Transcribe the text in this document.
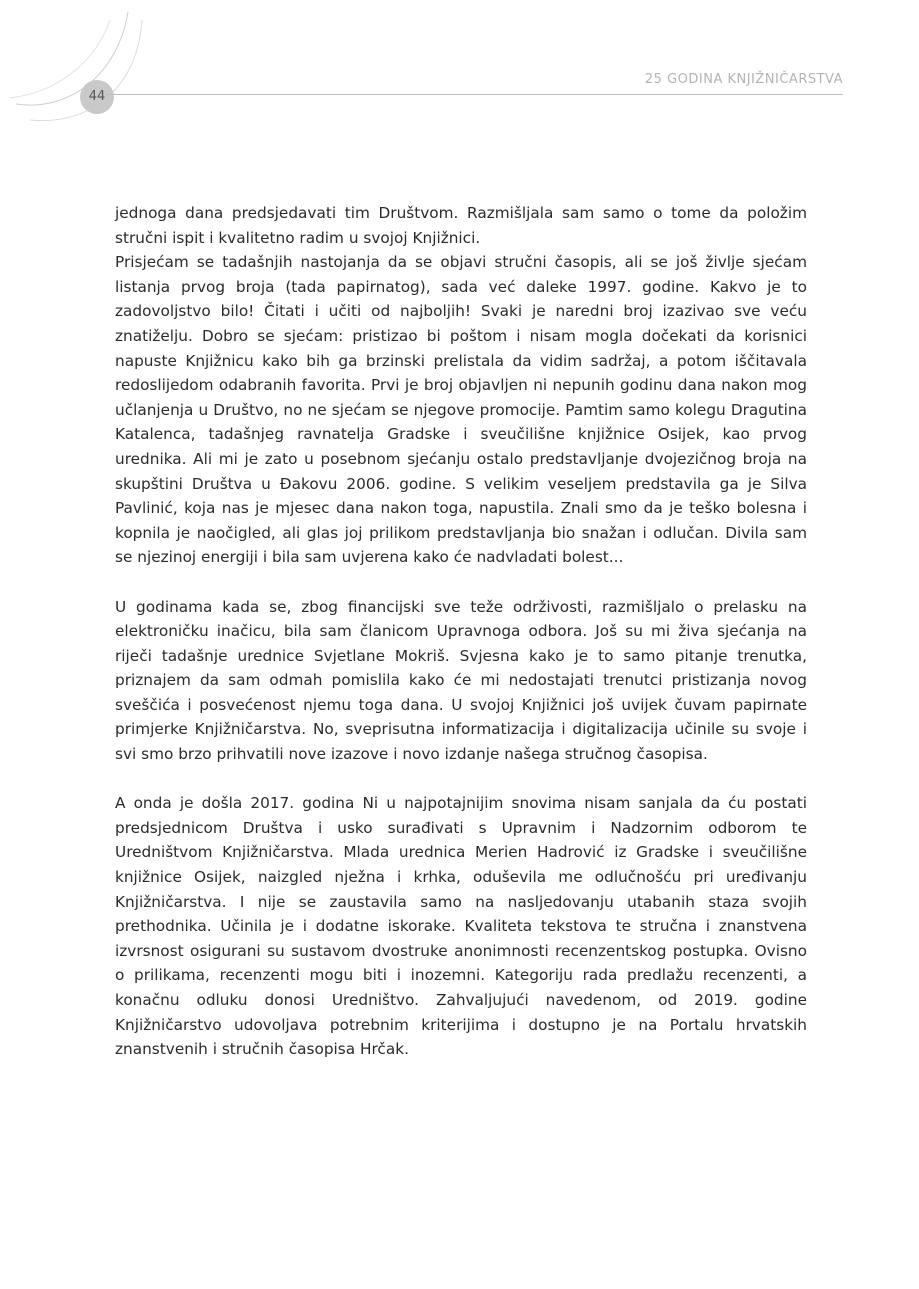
44
25 GODINA KNJIŽNIČARSTVA

jednoga dana predsjedavati tim Društvom. Razmišljala sam samo o tome da položim stručni ispit i kvalitetno radim u svojoj Knjižnici.

Prisjećam se tadašnjih nastojanja da se objavi stručni časopis, ali se još življe sjećam listanja prvog broja (tada papirnatog), sada već daleke 1997. godine. Kakvo je to zadovoljstvo bilo! Čitati i učiti od najboljih! Svaki je naredni broj izazivao sve veću znatiželju. Dobro se sjećam: pristizao bi poštom i nisam mogla dočekati da korisnici napuste Knjižnicu kako bih ga brzinski prelistala da vidim sadržaj, a potom iščitavala redoslijedom odabranih favorita. Prvi je broj objavljen ni nepunih godinu dana nakon mog učlanjenja u Društvo, no ne sjećam se njegove promocije. Pamtim samo kolegu Dragutina Katalenca, tadašnjeg ravnatelja Gradske i sveučilišne knjižnice Osijek, kao prvog urednika. Ali mi je zato u posebnom sjećanju ostalo predstavljanje dvojezičnog broja na skupštini Društva u Đakovu 2006. godine. S velikim veseljem predstavila ga je Silva Pavlinić, koja nas je mjesec dana nakon toga, napustila. Znali smo da je teško bolesna i kopnila je naočigled, ali glas joj prilikom predstavljanja bio snažan i odlučan. Divila sam se njezinoj energiji i bila sam uvjerena kako će nadvladati bolest...

U godinama kada se, zbog financijski sve teže održivosti, razmišljalo o prelasku na elektroničku inačicu, bila sam članicom Upravnoga odbora. Još su mi živa sjećanja na riječi tadašnje urednice Svjetlane Mokriš. Svjesna kako je to samo pitanje trenutka, priznajem da sam odmah pomislila kako će mi nedostajati trenutci pristizanja novog sveščića i posvećenost njemu toga dana. U svojoj Knjižnici još uvijek čuvam papirnate primjerke Knjižničarstva. No, sveprisutna informatizacija i digitalizacija učinile su svoje i svi smo brzo prihvatili nove izazove i novo izdanje našega stručnog časopisa.

A onda je došla 2017. godina Ni u najpotajnijim snovima nisam sanjala da ću postati predsjednicom Društva i usko surađivati s Upravnim i Nadzornim odborom te Uredništvom Knjižničarstva. Mlada urednica Merien Hadrović iz Gradske i sveučilišne knjižnice Osijek, naizgled nježna i krhka, oduševila me odlučnošću pri uređivanju Knjižničarstva. I nije se zaustavila samo na nasljedovanju utabanih staza svojih prethodnika. Učinila je i dodatne iskorake. Kvaliteta tekstova te stručna i znanstvena izvrsnost osigurani su sustavom dvostruke anonimnosti recenzentskog postupka. Ovisno o prilikama, recenzenti mogu biti i inozemni. Kategoriju rada predlažu recenzenti, a konačnu odluku donosi Uredništvo. Zahvaljujući navedenom, od 2019. godine Knjižničarstvo udovoljava potrebnim kriterijima i dostupno je na Portalu hrvatskih znanstvenih i stručnih časopisa Hrčak.
